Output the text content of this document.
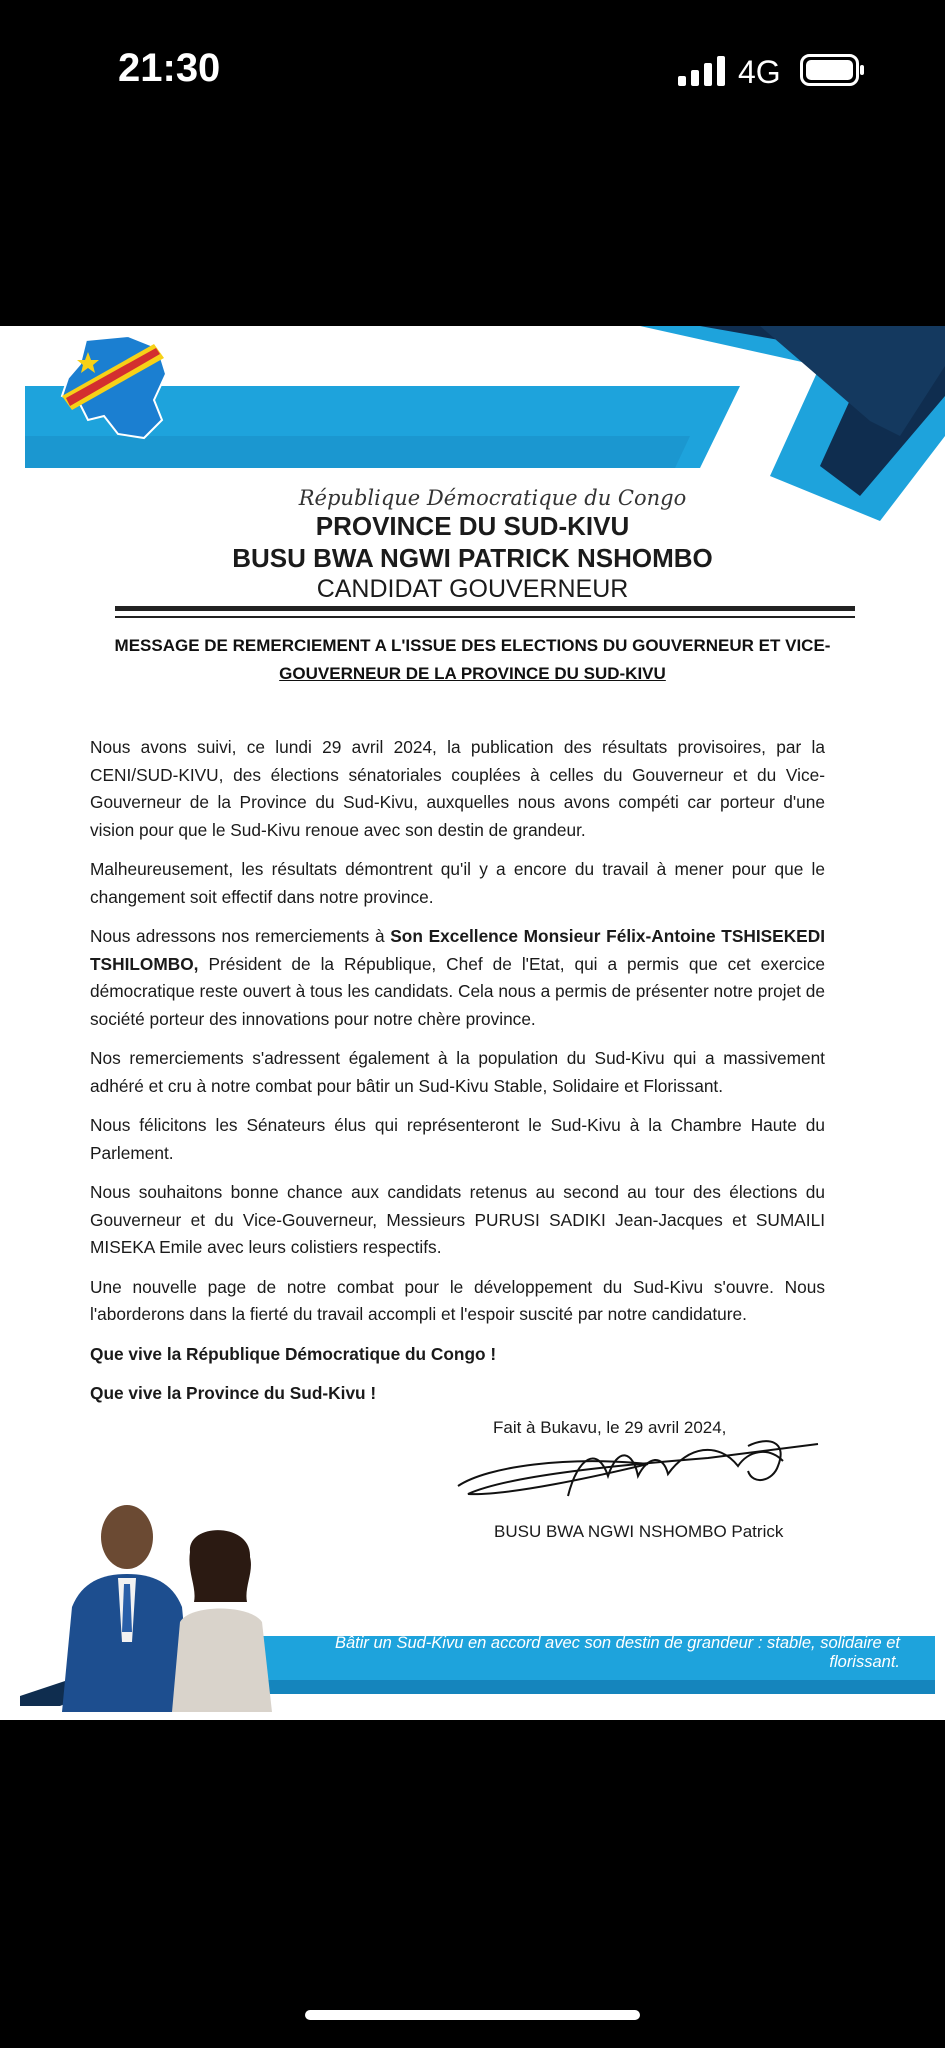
21:30	4G
République Démocratique du Congo
PROVINCE DU SUD-KIVU
BUSU BWA NGWI PATRICK NSHOMBO
CANDIDAT GOUVERNEUR
MESSAGE DE REMERCIEMENT A L'ISSUE DES ELECTIONS DU GOUVERNEUR ET VICE-
GOUVERNEUR DE LA PROVINCE DU SUD-KIVU

Nous avons suivi, ce lundi 29 avril 2024, la publication des résultats provisoires, par la CENI/SUD-KIVU, des élections sénatoriales couplées à celles du Gouverneur et du Vice-Gouverneur de la Province du Sud-Kivu, auxquelles nous avons compéti car porteur d'une vision pour que le Sud-Kivu renoue avec son destin de grandeur.

Malheureusement, les résultats démontrent qu'il y a encore du travail à mener pour que le changement soit effectif dans notre province.

Nous adressons nos remerciements à Son Excellence Monsieur Félix-Antoine TSHISEKEDI TSHILOMBO, Président de la République, Chef de l'Etat, qui a permis que cet exercice démocratique reste ouvert à tous les candidats. Cela nous a permis de présenter notre projet de société porteur des innovations pour notre chère province.

Nos remerciements s'adressent également à la population du Sud-Kivu qui a massivement adhéré et cru à notre combat pour bâtir un Sud-Kivu Stable, Solidaire et Florissant.

Nous félicitons les Sénateurs élus qui représenteront le Sud-Kivu à la Chambre Haute du Parlement.

Nous souhaitons bonne chance aux candidats retenus au second au tour des élections du Gouverneur et du Vice-Gouverneur, Messieurs PURUSI SADIKI Jean-Jacques et SUMAILI MISEKA Emile avec leurs colistiers respectifs.

Une nouvelle page de notre combat pour le développement du Sud-Kivu s'ouvre. Nous l'aborderons dans la fierté du travail accompli et l'espoir suscité par notre candidature.

Que vive la République Démocratique du Congo !

Que vive la Province du Sud-Kivu !

Fait à Bukavu, le 29 avril 2024,
BUSU BWA NGWI NSHOMBO Patrick
Bâtir un Sud-Kivu en accord avec son destin de grandeur : stable, solidaire et florissant.
